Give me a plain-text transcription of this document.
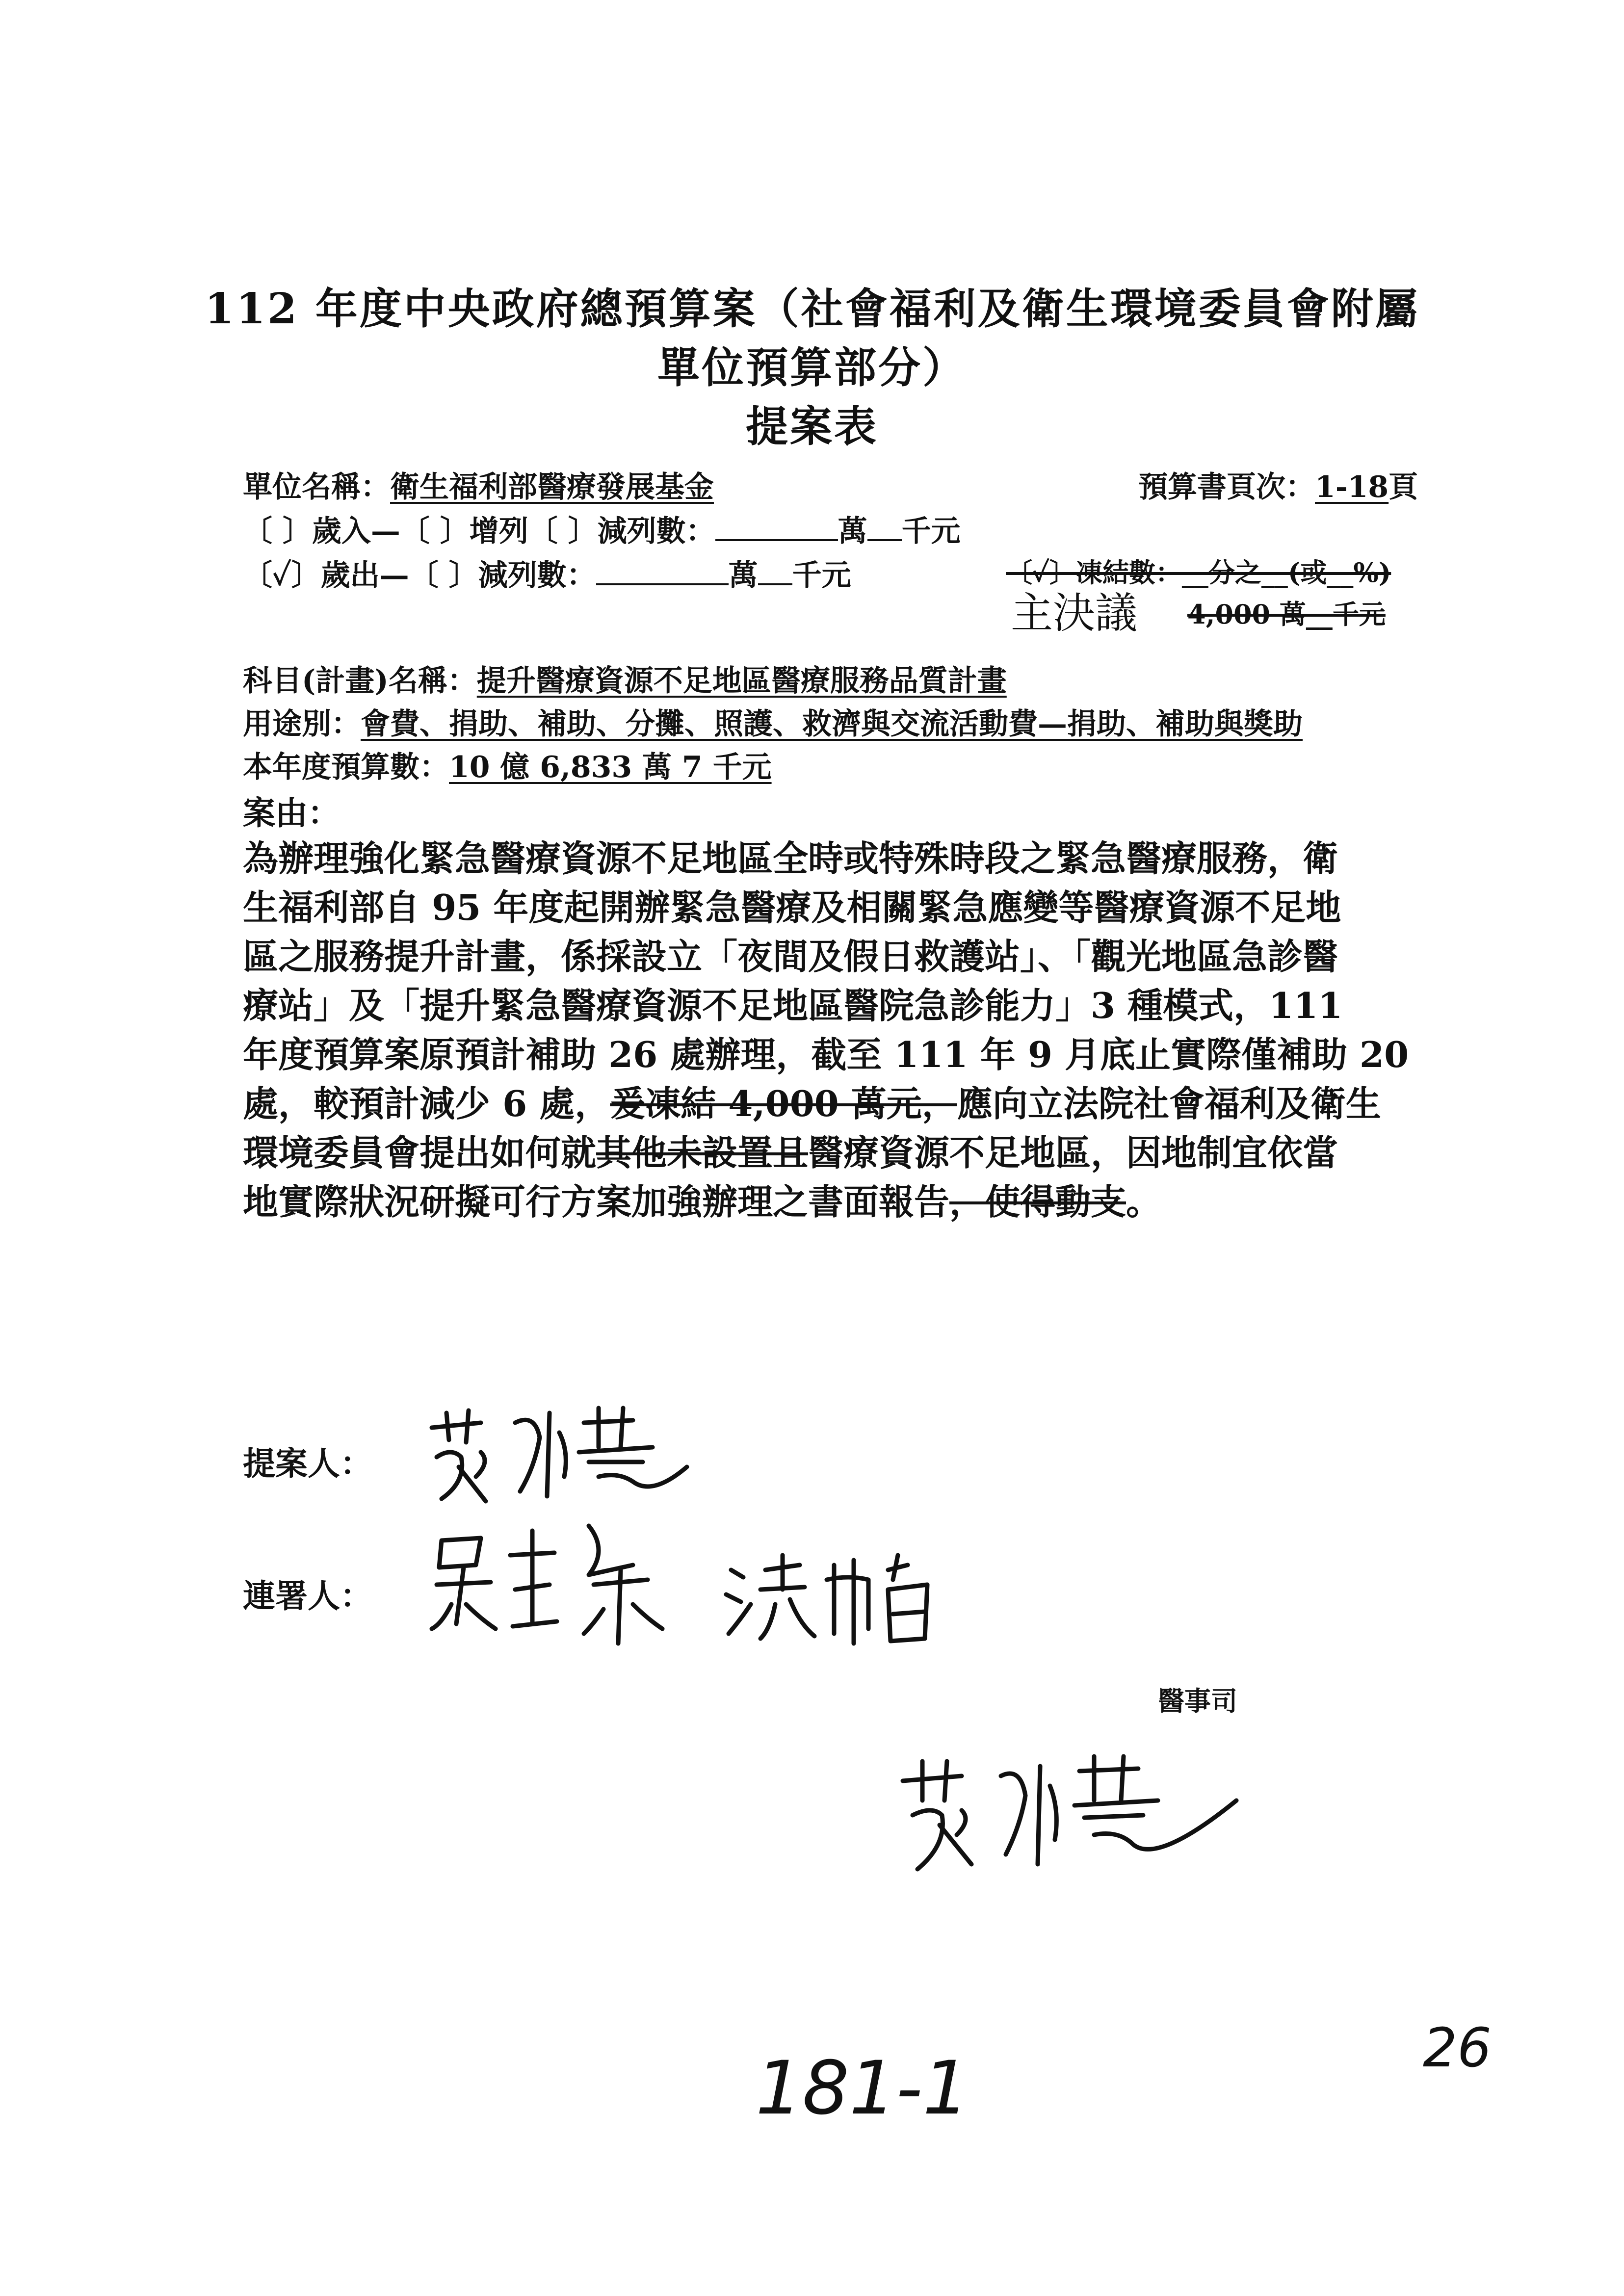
112 年度中央政府總預算案（社會福利及衛生環境委員會附屬
單位預算部分）
提案表
單位名稱：衛生福利部醫療發展基金	預算書頁次：1-18頁
〔 〕歲入—〔 〕增列〔 〕減列數：	萬 千元
〔✓〕歲出—〔 〕減列數：	萬 千元	〔✓〕凍結數：__分之__(或__%)
主決議 4,000 萬__千元
科目(計畫)名稱：提升醫療資源不足地區醫療服務品質計畫
用途別：會費、捐助、補助、分攤、照護、救濟與交流活動費—捐助、補助與獎助
本年度預算數：10 億 6,833 萬 7 千元
案由：
為辦理強化緊急醫療資源不足地區全時或特殊時段之緊急醫療服務，衛
生福利部自 95 年度起開辦緊急醫療及相關緊急應變等醫療資源不足地
區之服務提升計畫，係採設立「夜間及假日救護站」、「觀光地區急診醫
療站」及「提升緊急醫療資源不足地區醫院急診能力」3 種模式，111
年度預算案原預計補助 26 處辦理，截至 111 年 9 月底止實際僅補助 20
處，較預計減少 6 處，爰凍結 4,000 萬元，應向立法院社會福利及衛生
環境委員會提出如何就其他未設置且醫療資源不足地區，因地制宜依當
地實際狀況研擬可行方案加強辦理之書面報告，使得動支。
提案人：
連署人：
醫事司
181-1	26
